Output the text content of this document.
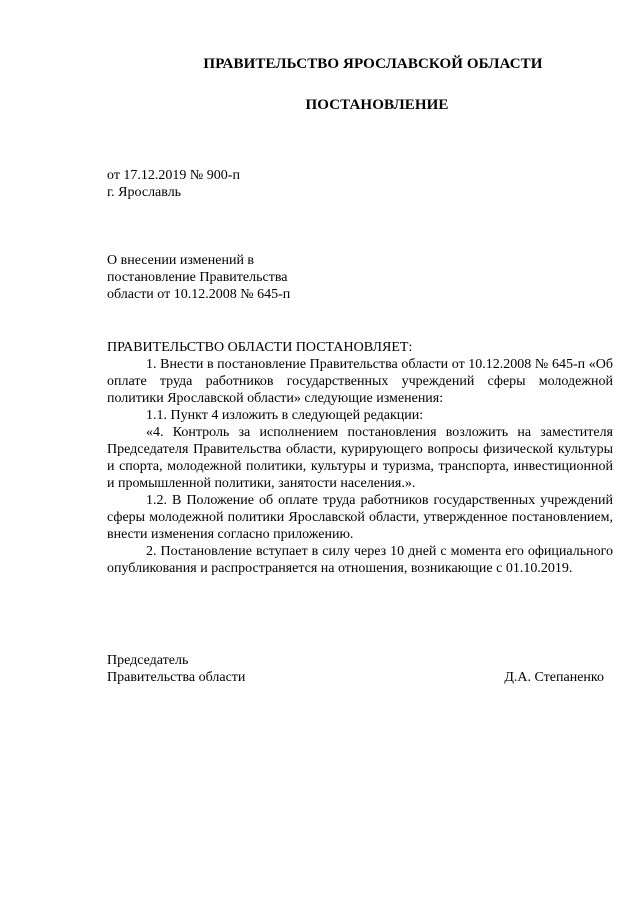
ПРАВИТЕЛЬСТВО ЯРОСЛАВСКОЙ ОБЛАСТИ
ПОСТАНОВЛЕНИЕ
от 17.12.2019 № 900-п
г. Ярославль
О внесении изменений в
постановление Правительства
области от 10.12.2008 № 645-п
ПРАВИТЕЛЬСТВО ОБЛАСТИ ПОСТАНОВЛЯЕТ:
1. Внести в постановление Правительства области от 10.12.2008 № 645-п «Об оплате труда работников государственных учреждений сферы молодежной политики Ярославской области» следующие изменения:
1.1. Пункт 4 изложить в следующей редакции:
«4. Контроль за исполнением постановления возложить на заместителя Председателя Правительства области, курирующего вопросы физической культуры и спорта, молодежной политики, культуры и туризма, транспорта, инвестиционной и промышленной политики, занятости населения.».
1.2. В Положение об оплате труда работников государственных учреждений сферы молодежной политики Ярославской области, утвержденное постановлением, внести изменения согласно приложению.
2. Постановление вступает в силу через 10 дней с момента его официального опубликования и распространяется на отношения, возникающие с 01.10.2019.
Председатель
Правительства области	Д.А. Степаненко
